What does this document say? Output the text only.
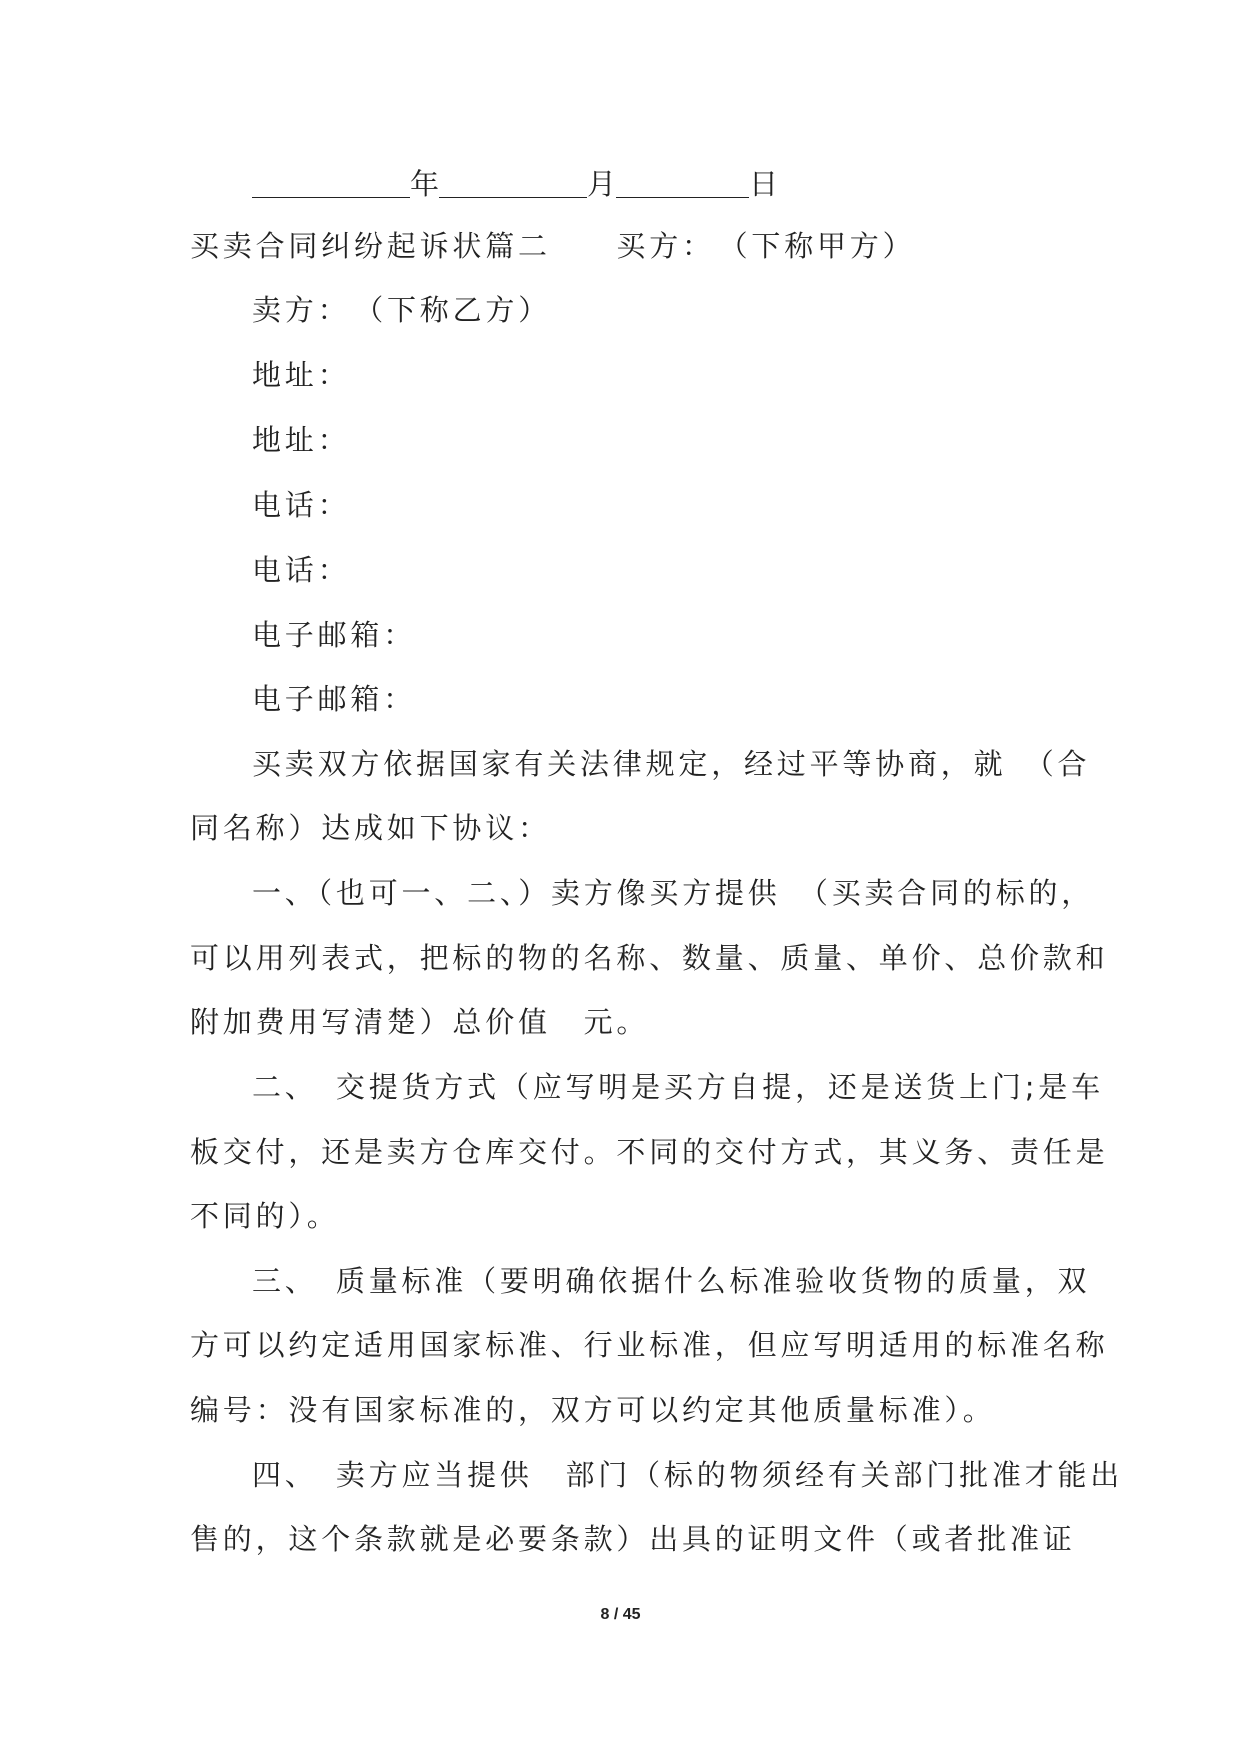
年	月	日
买卖合同纠纷起诉状篇二　　买方：　（下称甲方）
卖方：　（下称乙方）
地址：
地址：
电话：
电话：
电子邮箱：
电子邮箱：
买卖双方依据国家有关法律规定，经过平等协商，就　（合
同名称）达成如下协议：
一、（也可一、二、）卖方像买方提供　（买卖合同的标的，
可以用列表式，把标的物的名称、数量、质量、单价、总价款和
附加费用写清楚）总价值　元。
二、　交提货方式（应写明是买方自提，还是送货上门;是车
板交付，还是卖方仓库交付。不同的交付方式，其义务、责任是
不同的）。
三、　质量标准（要明确依据什么标准验收货物的质量，双
方可以约定适用国家标准、行业标准，但应写明适用的标准名称
编号：没有国家标准的，双方可以约定其他质量标准）。
四、　卖方应当提供　部门（标的物须经有关部门批准才能出
售的，这个条款就是必要条款）出具的证明文件（或者批准证
8 / 45
